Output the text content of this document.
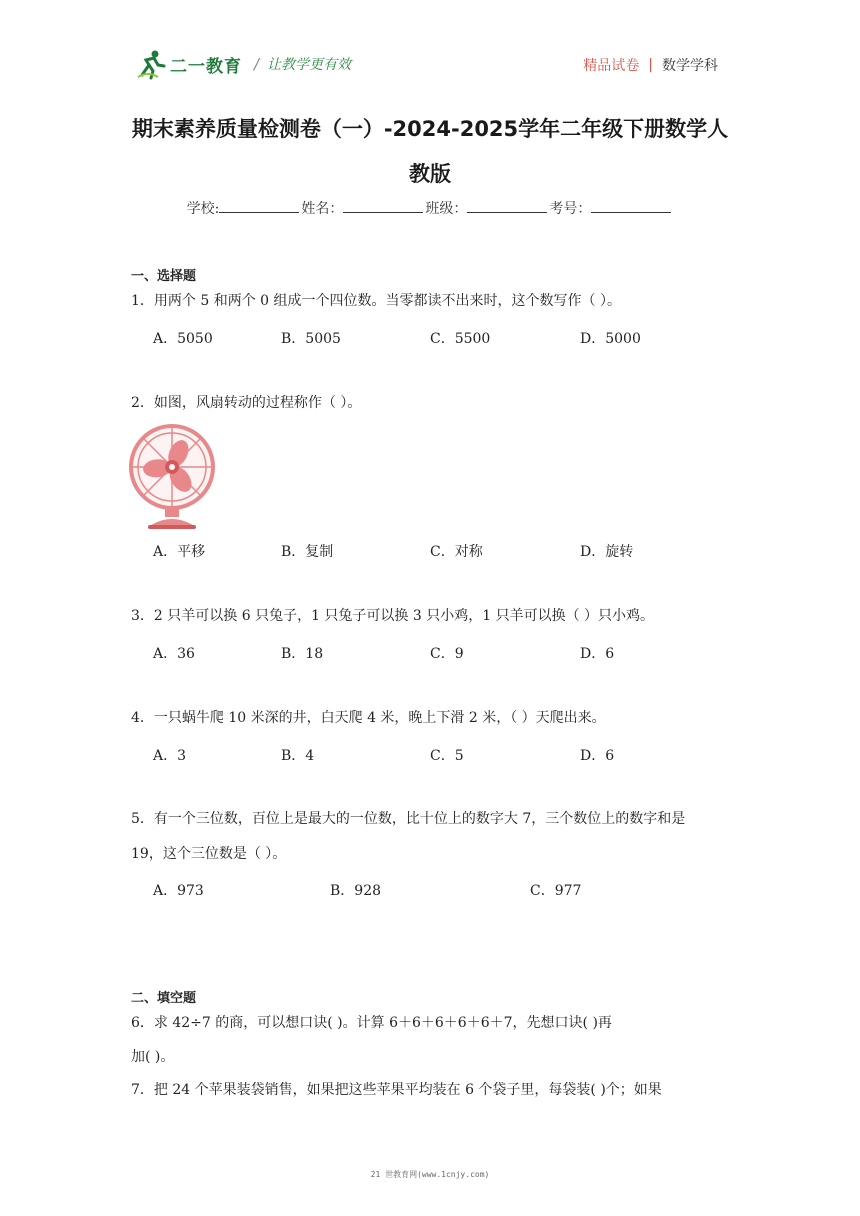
二一教育 / 让教学更有效	精品试卷 | 数学学科
期末素养质量检测卷（一）-2024-2025学年二年级下册数学人
教版
学校:	姓名：	班级：	考号：
一、选择题
1．用两个 5 和两个 0 组成一个四位数。当零都读不出来时，这个数写作（ ）。
A．5050	B．5005	C．5500	D．5000
2．如图，风扇转动的过程称作（ ）。
A．平移	B．复制	C．对称	D．旋转
3．2 只羊可以换 6 只兔子，1 只兔子可以换 3 只小鸡，1 只羊可以换（ ）只小鸡。
A．36	B．18	C．9	D．6
4．一只蜗牛爬 10 米深的井，白天爬 4 米，晚上下滑 2 米，（ ）天爬出来。
A．3	B．4	C．5	D．6
5．有一个三位数，百位上是最大的一位数，比十位上的数字大 7，三个数位上的数字和是
19，这个三位数是（ ）。
A．973	B．928	C．977
二、填空题
6．求 42÷7 的商，可以想口诀( )。计算 6＋6＋6＋6＋6＋7，先想口诀( )再
加( )。
7．把 24 个苹果装袋销售，如果把这些苹果平均装在 6 个袋子里，每袋装( )个；如果
21 世教育网(www.1cnjy.com)
